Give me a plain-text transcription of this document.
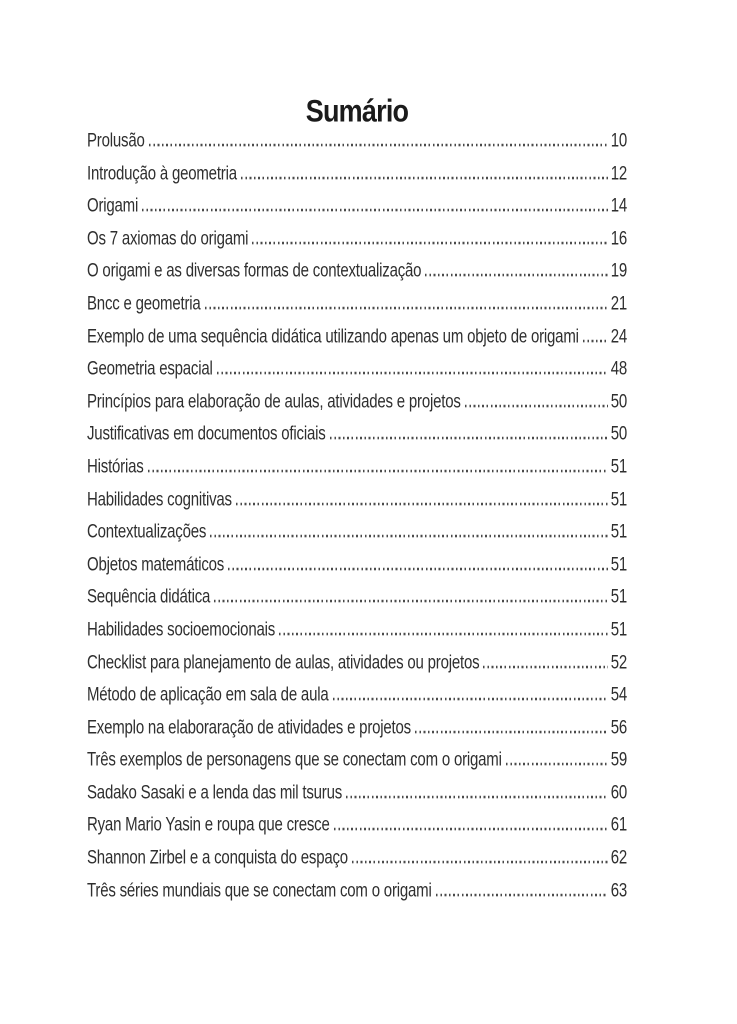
Sumário
Prolusão	10
Introdução à geometria	12
Origami	14
Os 7 axiomas do origami	16
O origami e as diversas formas de contextualização	19
Bncc e geometria	21
Exemplo de uma sequência didática utilizando apenas um objeto de origami 24
Geometria espacial	48
Princípios para elaboração de aulas, atividades e projetos	50
Justificativas em documentos oficiais	50
Histórias	51
Habilidades cognitivas	51
Contextualizações	51
Objetos matemáticos	51
Sequência didática	51
Habilidades socioemocionais	51
Checklist para planejamento de aulas, atividades ou projetos	52
Método de aplicação em sala de aula	54
Exemplo na elaboraração de atividades e projetos	56
Três exemplos de personagens que se conectam com o origami	59
Sadako Sasaki e a lenda das mil tsurus	60
Ryan Mario Yasin e roupa que cresce	61
Shannon Zirbel e a conquista do espaço	62
Três séries mundiais que se conectam com o origami	63
